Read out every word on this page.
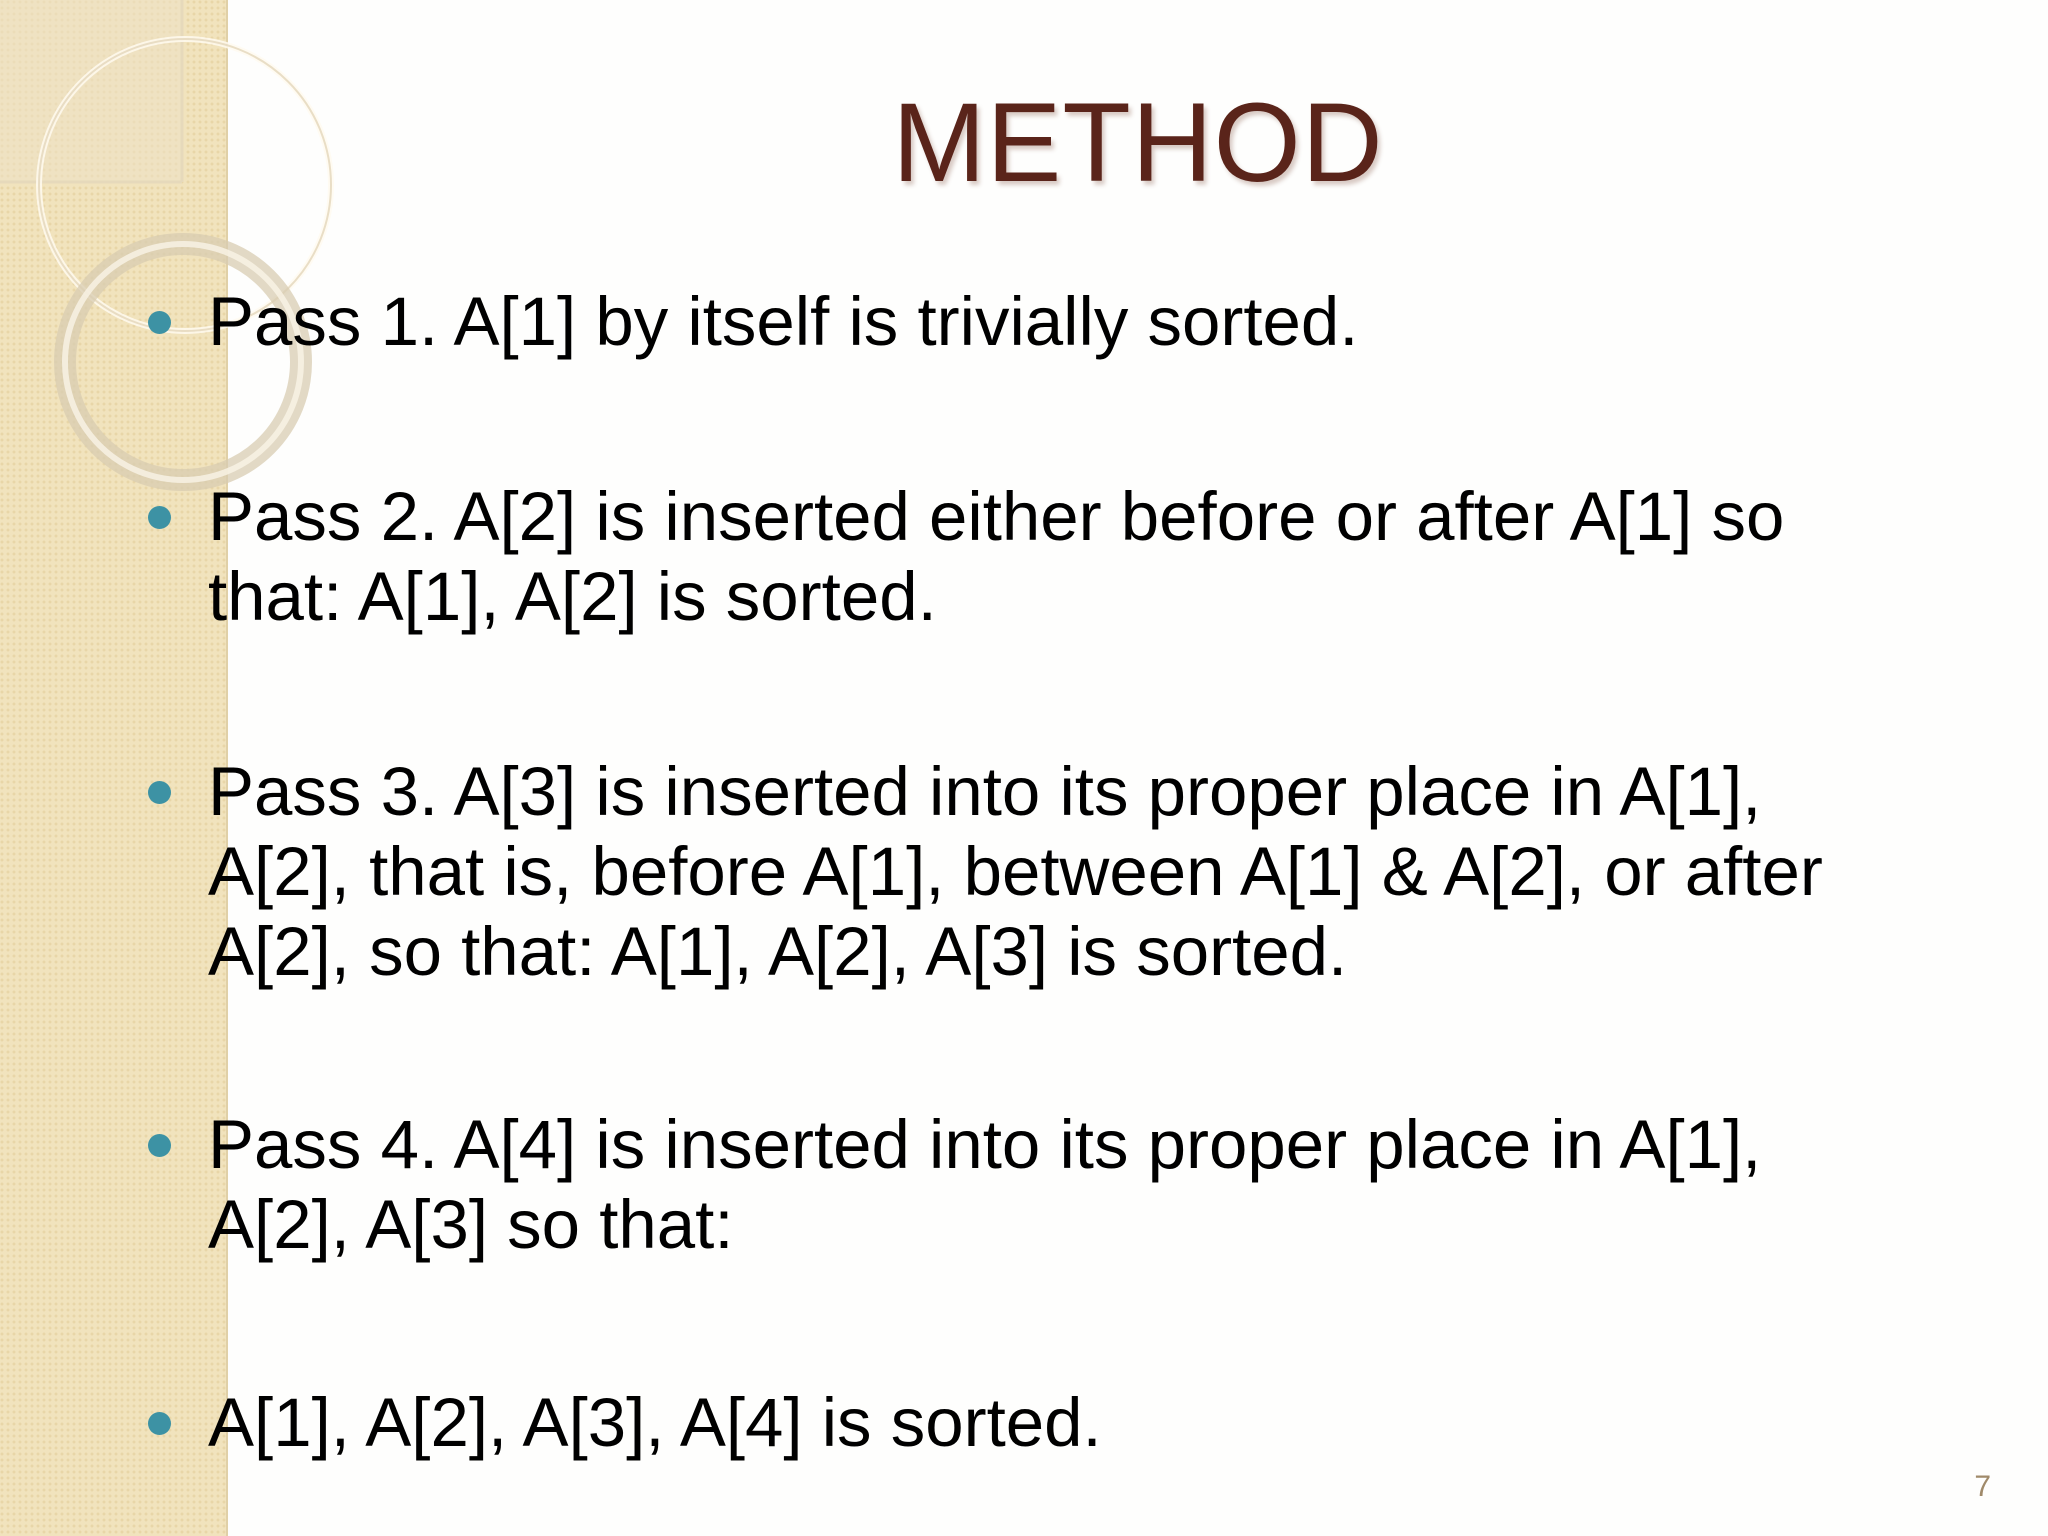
METHOD
Pass 1. A[1] by itself is trivially sorted.
Pass 2. A[2] is inserted either before or after A[1] so that: A[1], A[2] is sorted.
Pass 3. A[3] is inserted into its proper place in A[1], A[2], that is, before A[1], between A[1] & A[2], or after A[2], so that: A[1], A[2], A[3] is sorted.
Pass 4. A[4] is inserted into its proper place in A[1], A[2], A[3] so that:
A[1], A[2], A[3], A[4] is sorted.
7
